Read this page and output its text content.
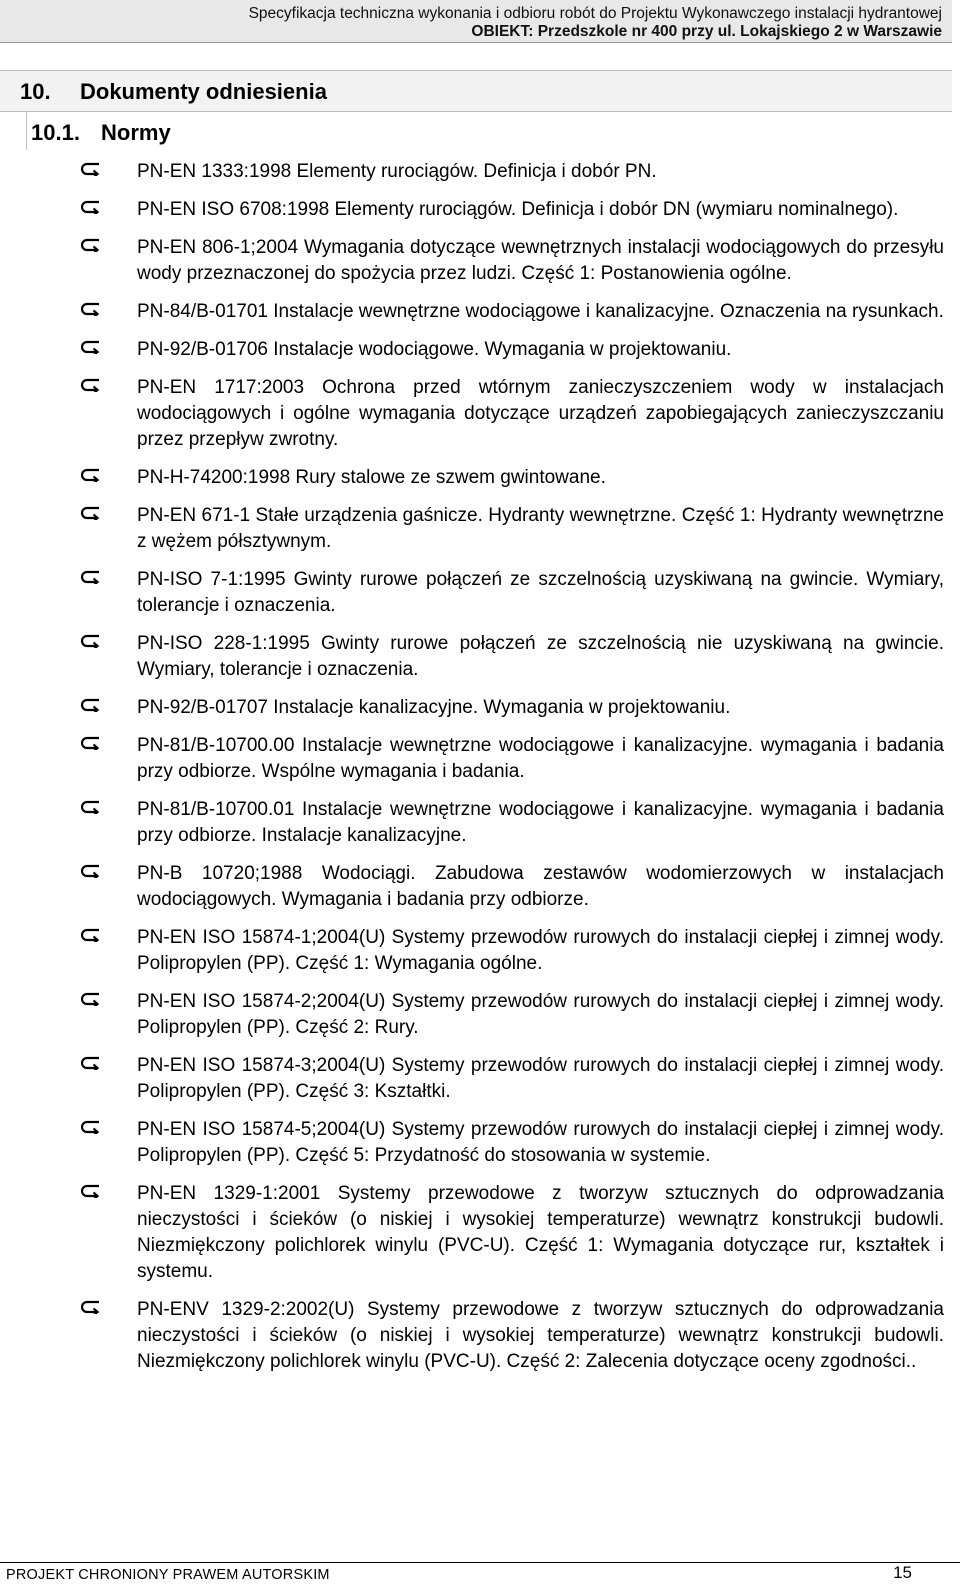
Specyfikacja techniczna wykonania i odbioru robót do Projektu Wykonawczego instalacji hydrantowej
OBIEKT: Przedszkole nr 400 przy ul. Lokajskiego 2 w Warszawie
10. Dokumenty odniesienia
10.1. Normy
PN-EN 1333:1998 Elementy rurociągów. Definicja i dobór PN.
PN-EN ISO 6708:1998 Elementy rurociągów. Definicja i dobór DN (wymiaru nominalnego).
PN-EN 806-1;2004 Wymagania dotyczące wewnętrznych instalacji wodociągowych do przesyłu wody przeznaczonej do spożycia przez ludzi. Część 1: Postanowienia ogólne.
PN-84/B-01701 Instalacje wewnętrzne wodociągowe i kanalizacyjne. Oznaczenia na rysunkach.
PN-92/B-01706 Instalacje wodociągowe. Wymagania w projektowaniu.
PN-EN 1717:2003 Ochrona przed wtórnym zanieczyszczeniem wody w instalacjach wodociągowych i ogólne wymagania dotyczące urządzeń zapobiegających zanieczyszczaniu przez przepływ zwrotny.
PN-H-74200:1998 Rury stalowe ze szwem gwintowane.
PN-EN 671-1 Stałe urządzenia gaśnicze. Hydranty wewnętrzne. Część 1: Hydranty wewnętrzne z wężem półsztywnym.
PN-ISO 7-1:1995 Gwinty rurowe połączeń ze szczelnością uzyskiwaną na gwincie. Wymiary, tolerancje i oznaczenia.
PN-ISO 228-1:1995 Gwinty rurowe połączeń ze szczelnością nie uzyskiwaną na gwincie. Wymiary, tolerancje i oznaczenia.
PN-92/B-01707 Instalacje kanalizacyjne. Wymagania w projektowaniu.
PN-81/B-10700.00 Instalacje wewnętrzne wodociągowe i kanalizacyjne. wymagania i badania przy odbiorze. Wspólne wymagania i badania.
PN-81/B-10700.01 Instalacje wewnętrzne wodociągowe i kanalizacyjne. wymagania i badania przy odbiorze. Instalacje kanalizacyjne.
PN-B 10720;1988 Wodociągi. Zabudowa zestawów wodomierzowych w instalacjach wodociągowych. Wymagania i badania przy odbiorze.
PN-EN ISO 15874-1;2004(U) Systemy przewodów rurowych do instalacji ciepłej i zimnej wody. Polipropylen (PP). Część 1: Wymagania ogólne.
PN-EN ISO 15874-2;2004(U) Systemy przewodów rurowych do instalacji ciepłej i zimnej wody. Polipropylen (PP). Część 2: Rury.
PN-EN ISO 15874-3;2004(U) Systemy przewodów rurowych do instalacji ciepłej i zimnej wody. Polipropylen (PP). Część 3: Kształtki.
PN-EN ISO 15874-5;2004(U) Systemy przewodów rurowych do instalacji ciepłej i zimnej wody. Polipropylen (PP). Część 5: Przydatność do stosowania w systemie.
PN-EN 1329-1:2001 Systemy przewodowe z tworzyw sztucznych do odprowadzania nieczystości i ścieków (o niskiej i wysokiej temperaturze) wewnątrz konstrukcji budowli. Niezmiękczony polichlorek winylu (PVC-U). Część 1: Wymagania dotyczące rur, kształtek i systemu.
PN-ENV 1329-2:2002(U) Systemy przewodowe z tworzyw sztucznych do odprowadzania nieczystości i ścieków (o niskiej i wysokiej temperaturze) wewnątrz konstrukcji budowli. Niezmiękczony polichlorek winylu (PVC-U). Część 2: Zalecenia dotyczące oceny zgodności..
PROJEKT CHRONIONY PRAWEM AUTORSKIM	15
